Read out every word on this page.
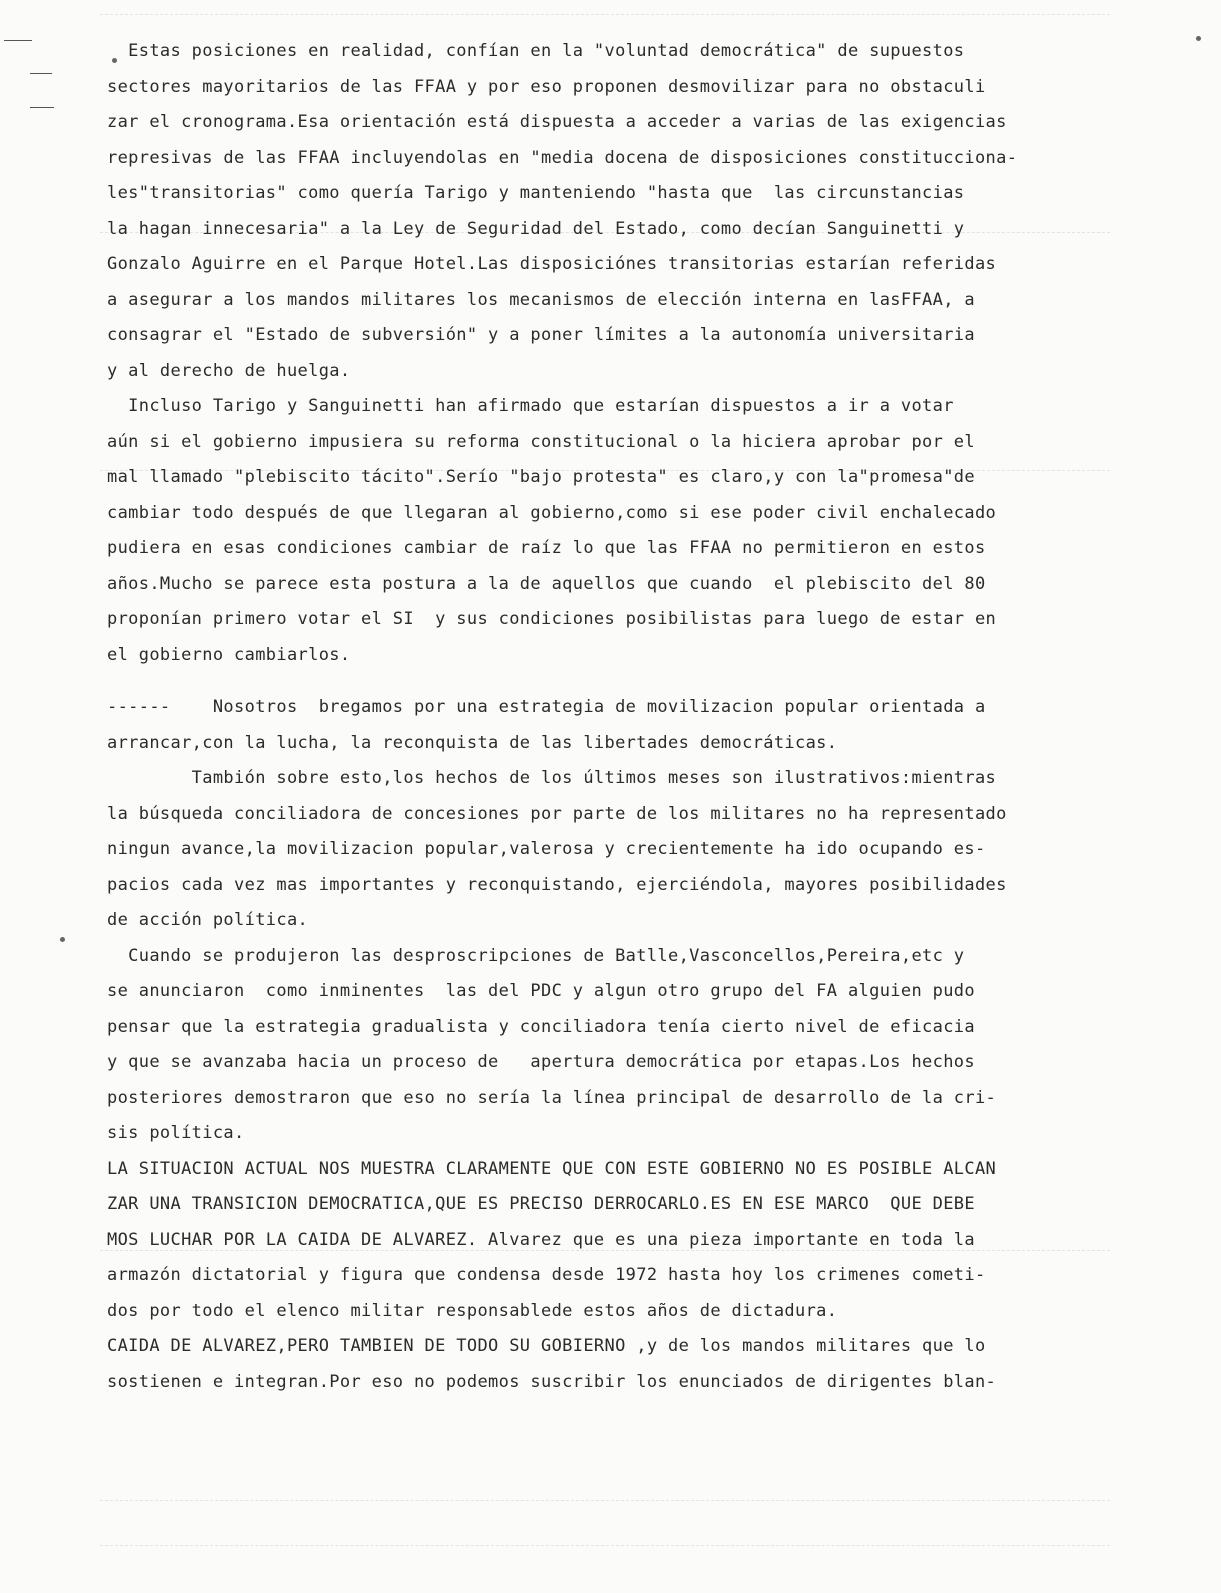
Estas posiciones en realidad, confían en la "voluntad democrática" de supuestos
sectores mayoritarios de las FFAA y por eso proponen desmovilizar para no obstaculi
zar el cronograma.Esa orientación está dispuesta a acceder a varias de las exigencias
represivas de las FFAA incluyendolas en "media docena de disposiciones constitucciona-
les"transitorias" como quería Tarigo y manteniendo "hasta que  las circunstancias
la hagan innecesaria" a la Ley de Seguridad del Estado, como decían Sanguinetti y
Gonzalo Aguirre en el Parque Hotel.Las disposiciónes transitorias estarían referidas
a asegurar a los mandos militares los mecanismos de elección interna en lasFFAA, a
consagrar el "Estado de subversión" y a poner límites a la autonomía universitaria
y al derecho de huelga.
Incluso Tarigo y Sanguinetti han afirmado que estarían dispuestos a ir a votar
aún si el gobierno impusiera su reforma constitucional o la hiciera aprobar por el
mal llamado "plebiscito tácito".Serío "bajo protesta" es claro,y con la"promesa"de
cambiar todo después de que llegaran al gobierno,como si ese poder civil enchalecado
pudiera en esas condiciones cambiar de raíz lo que las FFAA no permitieron en estos
años.Mucho se parece esta postura a la de aquellos que cuando  el plebiscito del 80
proponían primero votar el SI  y sus condiciones posibilistas para luego de estar en
el gobierno cambiarlos.
------    Nosotros  bregamos por una estrategia de movilizacion popular orientada a
arrancar,con la lucha, la reconquista de las libertades democráticas.
Tambión sobre esto,los hechos de los últimos meses son ilustrativos:mientras
la búsqueda conciliadora de concesiones por parte de los militares no ha representado
ningun avance,la movilizacion popular,valerosa y crecientemente ha ido ocupando es-
pacios cada vez mas importantes y reconquistando, ejerciéndola, mayores posibilidades
de acción política.
Cuando se produjeron las desproscripciones de Batlle,Vasconcellos,Pereira,etc y
se anunciaron  como inminentes  las del PDC y algun otro grupo del FA alguien pudo
pensar que la estrategia gradualista y conciliadora tenía cierto nivel de eficacia
y que se avanzaba hacia un proceso de   apertura democrática por etapas.Los hechos
posteriores demostraron que eso no sería la línea principal de desarrollo de la cri-
sis política.
LA SITUACION ACTUAL NOS MUESTRA CLARAMENTE QUE CON ESTE GOBIERNO NO ES POSIBLE ALCAN
ZAR UNA TRANSICION DEMOCRATICA,QUE ES PRECISO DERROCARLO.ES EN ESE MARCO  QUE DEBE
MOS LUCHAR POR LA CAIDA DE ALVAREZ. Alvarez que es una pieza importante en toda la
armazón dictatorial y figura que condensa desde 1972 hasta hoy los crimenes cometi-
dos por todo el elenco militar responsablede estos años de dictadura.
CAIDA DE ALVAREZ,PERO TAMBIEN DE TODO SU GOBIERNO ,y de los mandos militares que lo
sostienen e integran.Por eso no podemos suscribir los enunciados de dirigentes blan-
